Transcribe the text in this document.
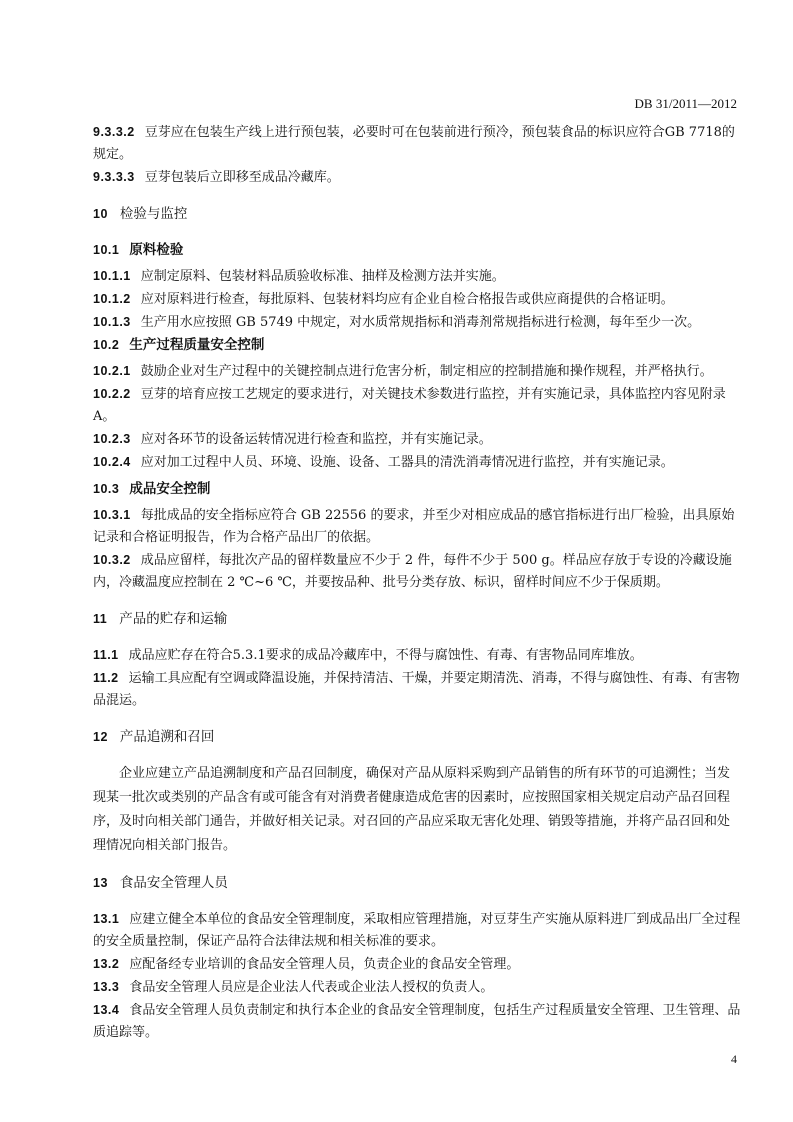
DB 31/2011—2012

9.3.3.2 豆芽应在包装生产线上进行预包装，必要时可在包装前进行预冷，预包装食品的标识应符合GB 7718的规定。

9.3.3.3 豆芽包装后立即移至成品冷藏库。

10 检验与监控

10.1 原料检验

10.1.1 应制定原料、包装材料品质验收标准、抽样及检测方法并实施。

10.1.2 应对原料进行检查，每批原料、包装材料均应有企业自检合格报告或供应商提供的合格证明。

10.1.3 生产用水应按照 GB 5749 中规定，对水质常规指标和消毒剂常规指标进行检测，每年至少一次。

10.2 生产过程质量安全控制

10.2.1 鼓励企业对生产过程中的关键控制点进行危害分析，制定相应的控制措施和操作规程，并严格执行。

10.2.2 豆芽的培育应按工艺规定的要求进行，对关键技术参数进行监控，并有实施记录，具体监控内容见附录A。

10.2.3 应对各环节的设备运转情况进行检查和监控，并有实施记录。

10.2.4 应对加工过程中人员、环境、设施、设备、工器具的清洗消毒情况进行监控，并有实施记录。

10.3 成品安全控制

10.3.1 每批成品的安全指标应符合 GB 22556 的要求，并至少对相应成品的感官指标进行出厂检验，出具原始记录和合格证明报告，作为合格产品出厂的依据。

10.3.2 成品应留样，每批次产品的留样数量应不少于 2 件，每件不少于 500 g。样品应存放于专设的冷藏设施内，冷藏温度应控制在 2 ℃~6 ℃，并要按品种、批号分类存放、标识，留样时间应不少于保质期。

11 产品的贮存和运输

11.1 成品应贮存在符合5.3.1要求的成品冷藏库中，不得与腐蚀性、有毒、有害物品同库堆放。

11.2 运输工具应配有空调或降温设施，并保持清洁、干燥，并要定期清洗、消毒，不得与腐蚀性、有毒、有害物品混运。

12 产品追溯和召回

企业应建立产品追溯制度和产品召回制度，确保对产品从原料采购到产品销售的所有环节的可追溯性；当发现某一批次或类别的产品含有或可能含有对消费者健康造成危害的因素时，应按照国家相关规定启动产品召回程序，及时向相关部门通告，并做好相关记录。对召回的产品应采取无害化处理、销毁等措施，并将产品召回和处理情况向相关部门报告。

13 食品安全管理人员

13.1 应建立健全本单位的食品安全管理制度，采取相应管理措施，对豆芽生产实施从原料进厂到成品出厂全过程的安全质量控制，保证产品符合法律法规和相关标准的要求。

13.2 应配备经专业培训的食品安全管理人员，负责企业的食品安全管理。

13.3 食品安全管理人员应是企业法人代表或企业法人授权的负责人。

13.4 食品安全管理人员负责制定和执行本企业的食品安全管理制度，包括生产过程质量安全管理、卫生管理、品质追踪等。

4
